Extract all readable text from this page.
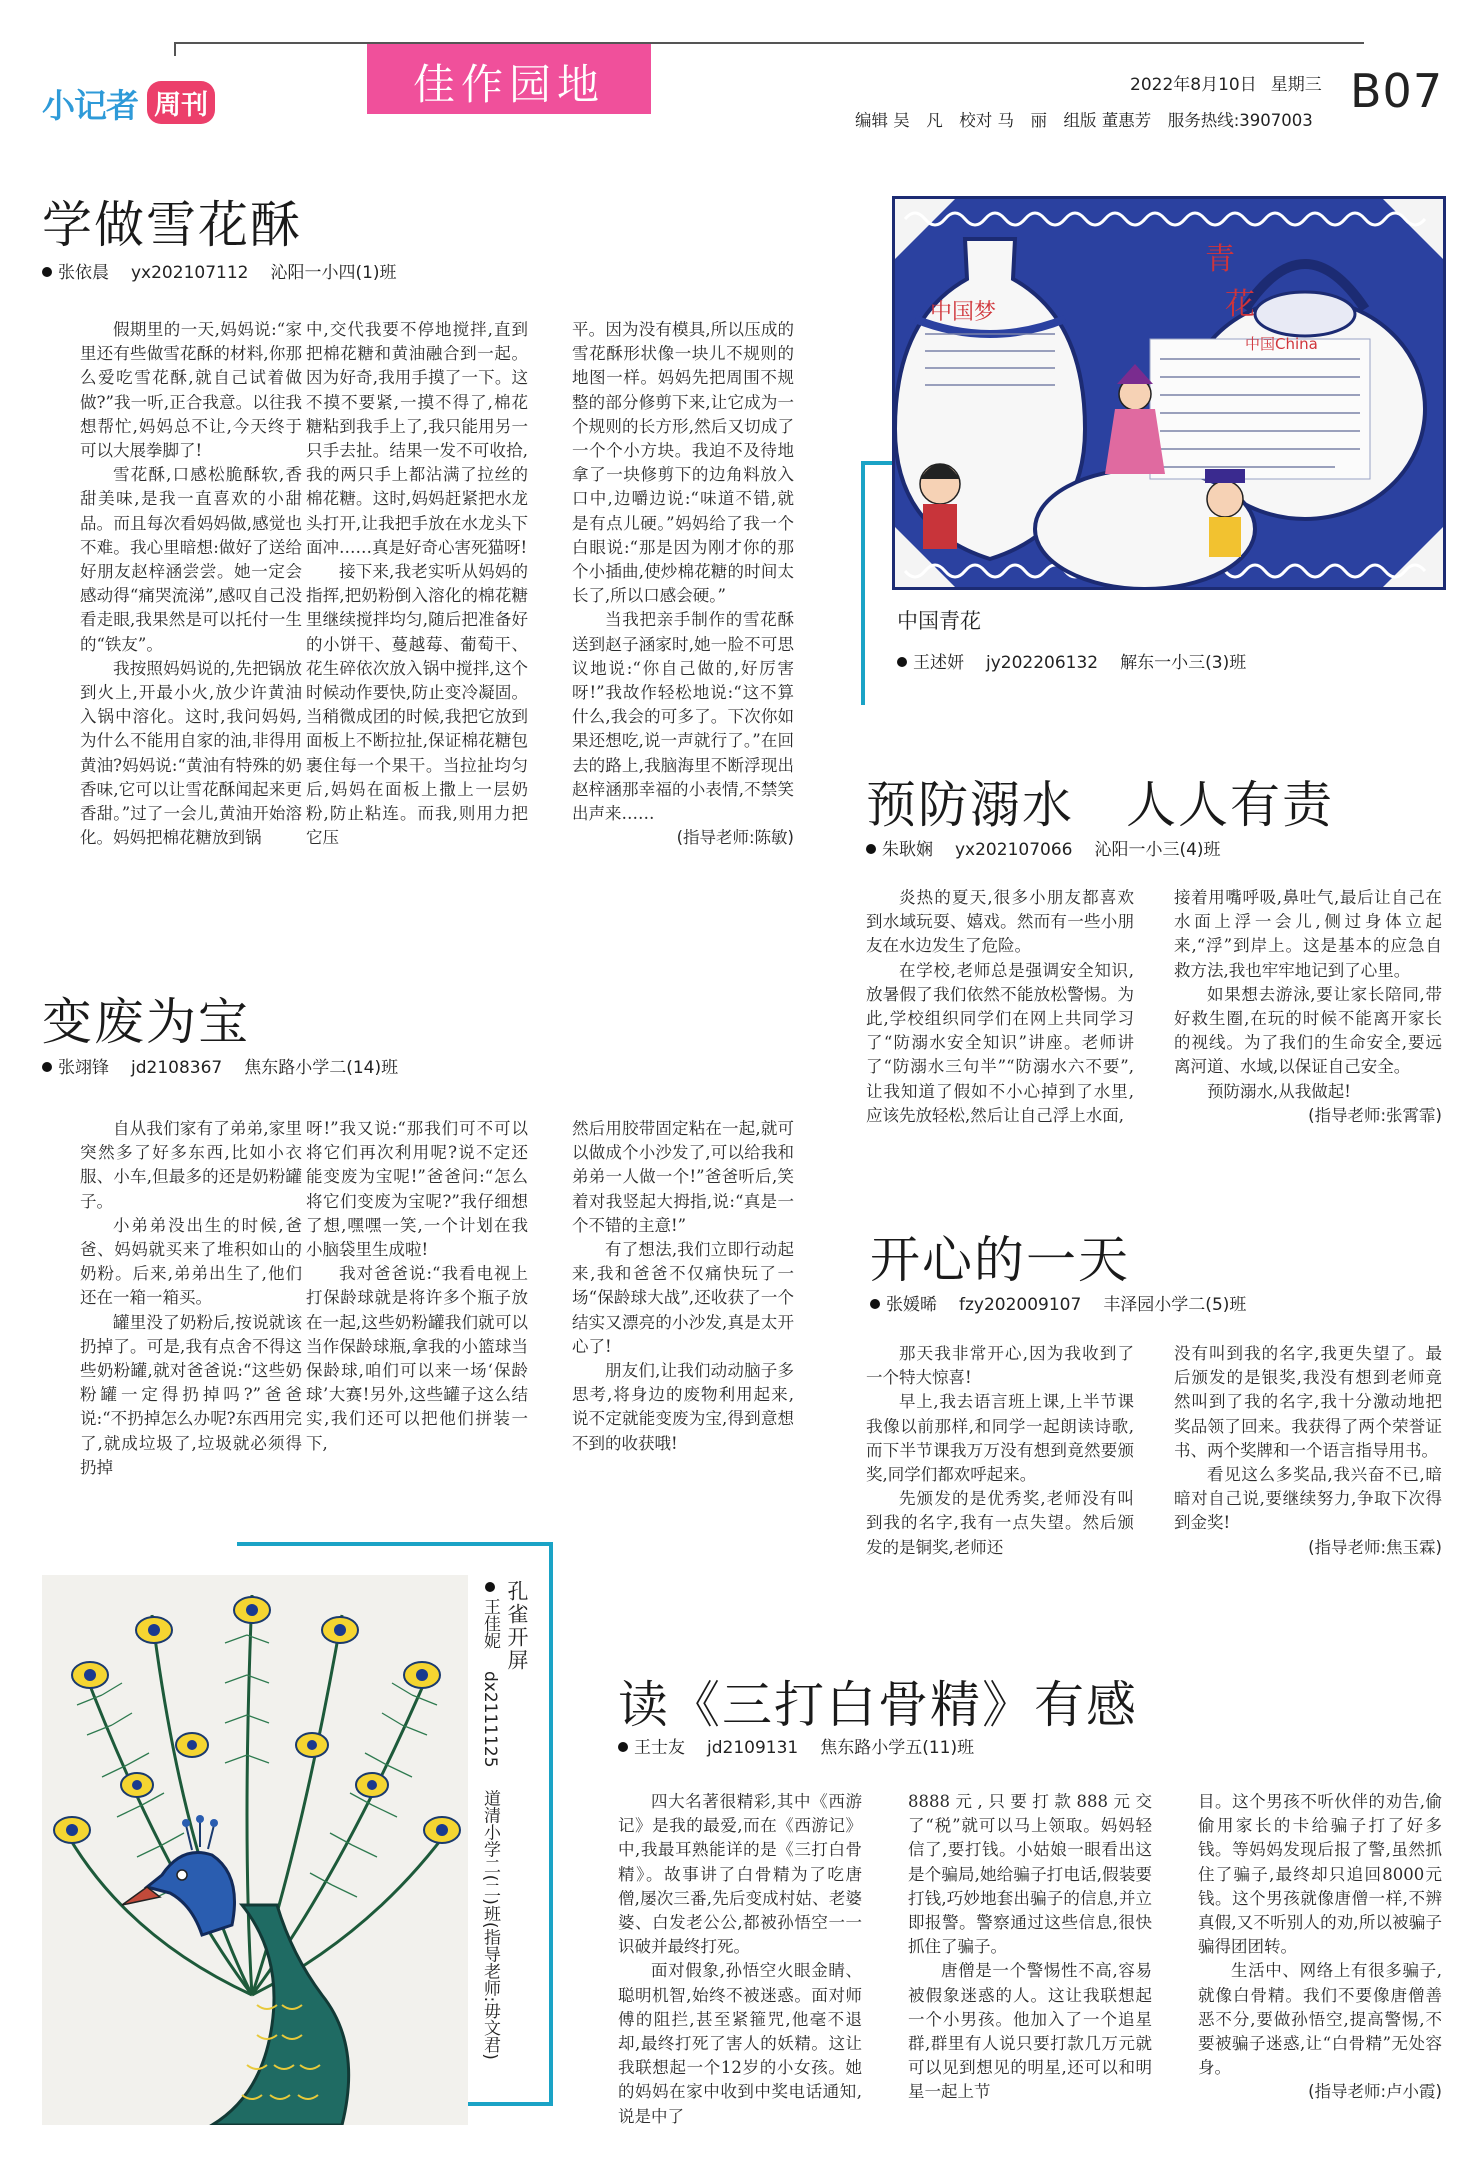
小记者 周刊	佳作园地	2022年8月10日 星期三 B07
编辑 吴　凡　校对 马　丽　组版 董惠芳　服务热线:3907003
学做雪花酥
张依晨 yx202107112 沁阳一小四(1)班

假期里的一天,妈妈说:“家里还有些做雪花酥的材料,你那么爱吃雪花酥,就自己试着做做?”我一听,正合我意。以往我想帮忙,妈妈总不让,今天终于可以大展拳脚了!

雪花酥,口感松脆酥软,香甜美味,是我一直喜欢的小甜品。而且每次看妈妈做,感觉也不难。我心里暗想:做好了送给好朋友赵梓涵尝尝。她一定会感动得“痛哭流涕”,感叹自己没看走眼,我果然是可以托付一生的“铁友”。

我按照妈妈说的,先把锅放到火上,开最小火,放少许黄油入锅中溶化。这时,我问妈妈,为什么不能用自家的油,非得用黄油?妈妈说:“黄油有特殊的奶香味,它可以让雪花酥闻起来更香甜。”过了一会儿,黄油开始溶化。妈妈把棉花糖放到锅

中,交代我要不停地搅拌,直到把棉花糖和黄油融合到一起。因为好奇,我用手摸了一下。这不摸不要紧,一摸不得了,棉花糖粘到我手上了,我只能用另一只手去扯。结果一发不可收拾,我的两只手上都沾满了拉丝的棉花糖。这时,妈妈赶紧把水龙头打开,让我把手放在水龙头下面冲……真是好奇心害死猫呀!

接下来,我老实听从妈妈的指挥,把奶粉倒入溶化的棉花糖里继续搅拌均匀,随后把准备好的小饼干、蔓越莓、葡萄干、花生碎依次放入锅中搅拌,这个时候动作要快,防止变冷凝固。当稍微成团的时候,我把它放到面板上不断拉扯,保证棉花糖包裹住每一个果干。当拉扯均匀后,妈妈在面板上撒上一层奶粉,防止粘连。而我,则用力把它压

平。因为没有模具,所以压成的雪花酥形状像一块儿不规则的地图一样。妈妈先把周围不规整的部分修剪下来,让它成为一个规则的长方形,然后又切成了一个个小方块。我迫不及待地拿了一块修剪下的边角料放入口中,边嚼边说:“味道不错,就是有点儿硬。”妈妈给了我一个白眼说:“那是因为刚才你的那个小插曲,使炒棉花糖的时间太长了,所以口感会硬。”

当我把亲手制作的雪花酥送到赵子涵家时,她一脸不可思议地说:“你自己做的,好厉害呀!”我故作轻松地说:“这不算什么,我会的可多了。下次你如果还想吃,说一声就行了。”在回去的路上,我脑海里不断浮现出赵梓涵那幸福的小表情,不禁笑出声来……

(指导老师:陈敏)

青
花
中国梦
中国China
中国青花
王述妍 jy202206132 解东一小三(3)班
预防溺水　人人有责
朱耿娴 yx202107066 沁阳一小三(4)班

炎热的夏天,很多小朋友都喜欢到水域玩耍、嬉戏。然而有一些小朋友在水边发生了危险。

在学校,老师总是强调安全知识,放暑假了我们依然不能放松警惕。为此,学校组织同学们在网上共同学习了“防溺水安全知识”讲座。老师讲了“防溺水三句半”“防溺水六不要”,让我知道了假如不小心掉到了水里,应该先放轻松,然后让自己浮上水面,

接着用嘴呼吸,鼻吐气,最后让自己在水面上浮一会儿,侧过身体立起来,“浮”到岸上。这是基本的应急自救方法,我也牢牢地记到了心里。

如果想去游泳,要让家长陪同,带好救生圈,在玩的时候不能离开家长的视线。为了我们的生命安全,要远离河道、水域,以保证自己安全。

预防溺水,从我做起!

(指导老师:张霄霏)

变废为宝
张翊锋 jd2108367 焦东路小学二(14)班

自从我们家有了弟弟,家里突然多了好多东西,比如小衣服、小车,但最多的还是奶粉罐子。

小弟弟没出生的时候,爸爸、妈妈就买来了堆积如山的奶粉。后来,弟弟出生了,他们还在一箱一箱买。

罐里没了奶粉后,按说就该扔掉了。可是,我有点舍不得这些奶粉罐,就对爸爸说:“这些奶粉罐一定得扔掉吗?”爸爸说:“不扔掉怎么办呢?东西用完了,就成垃圾了,垃圾就必须得扔掉

呀!”我又说:“那我们可不可以将它们再次利用呢?说不定还能变废为宝呢!”爸爸问:“怎么将它们变废为宝呢?”我仔细想了想,嘿嘿一笑,一个计划在我小脑袋里生成啦!

我对爸爸说:“我看电视上打保龄球就是将许多个瓶子放在一起,这些奶粉罐我们就可以当作保龄球瓶,拿我的小篮球当保龄球,咱们可以来一场‘保龄球’大赛!另外,这些罐子这么结实,我们还可以把他们拼装一下,

然后用胶带固定粘在一起,就可以做成个小沙发了,可以给我和弟弟一人做一个!”爸爸听后,笑着对我竖起大拇指,说:“真是一个不错的主意!”

有了想法,我们立即行动起来,我和爸爸不仅痛快玩了一场“保龄球大战”,还收获了一个结实又漂亮的小沙发,真是太开心了!

朋友们,让我们动动脑子多思考,将身边的废物利用起来,说不定就能变废为宝,得到意想不到的收获哦!

开心的一天
张媛晞 fzy202009107 丰泽园小学二(5)班

那天我非常开心,因为我收到了一个特大惊喜!

早上,我去语言班上课,上半节课我像以前那样,和同学一起朗读诗歌,而下半节课我万万没有想到竟然要颁奖,同学们都欢呼起来。

先颁发的是优秀奖,老师没有叫到我的名字,我有一点失望。然后颁发的是铜奖,老师还

没有叫到我的名字,我更失望了。最后颁发的是银奖,我没有想到老师竟然叫到了我的名字,我十分激动地把奖品领了回来。我获得了两个荣誉证书、两个奖牌和一个语言指导用书。

看见这么多奖品,我兴奋不已,暗暗对自己说,要继续努力,争取下次得到金奖!

(指导老师:焦玉霖)

孔雀开屏
王佳妮dx2111125道清小学二(二)班(指导老师:毋文君)
读《三打白骨精》有感
王士友 jd2109131 焦东路小学五(11)班

四大名著很精彩,其中《西游记》是我的最爱,而在《西游记》中,我最耳熟能详的是《三打白骨精》。故事讲了白骨精为了吃唐僧,屡次三番,先后变成村姑、老婆婆、白发老公公,都被孙悟空一一识破并最终打死。

面对假象,孙悟空火眼金睛、聪明机智,始终不被迷惑。面对师傅的阻拦,甚至紧箍咒,他毫不退却,最终打死了害人的妖精。这让我联想起一个12岁的小女孩。她的妈妈在家中收到中奖电话通知,说是中了

8888元,只要打款888元交了“税”就可以马上领取。妈妈轻信了,要打钱。小姑娘一眼看出这是个骗局,她给骗子打电话,假装要打钱,巧妙地套出骗子的信息,并立即报警。警察通过这些信息,很快抓住了骗子。

唐僧是一个警惕性不高,容易被假象迷惑的人。这让我联想起一个小男孩。他加入了一个追星群,群里有人说只要打款几万元就可以见到想见的明星,还可以和明星一起上节

目。这个男孩不听伙伴的劝告,偷偷用家长的卡给骗子打了好多钱。等妈妈发现后报了警,虽然抓住了骗子,最终却只追回8000元钱。这个男孩就像唐僧一样,不辨真假,又不听别人的劝,所以被骗子骗得团团转。

生活中、网络上有很多骗子,就像白骨精。我们不要像唐僧善恶不分,要做孙悟空,提高警惕,不要被骗子迷惑,让“白骨精”无处容身。

(指导老师:卢小霞)
